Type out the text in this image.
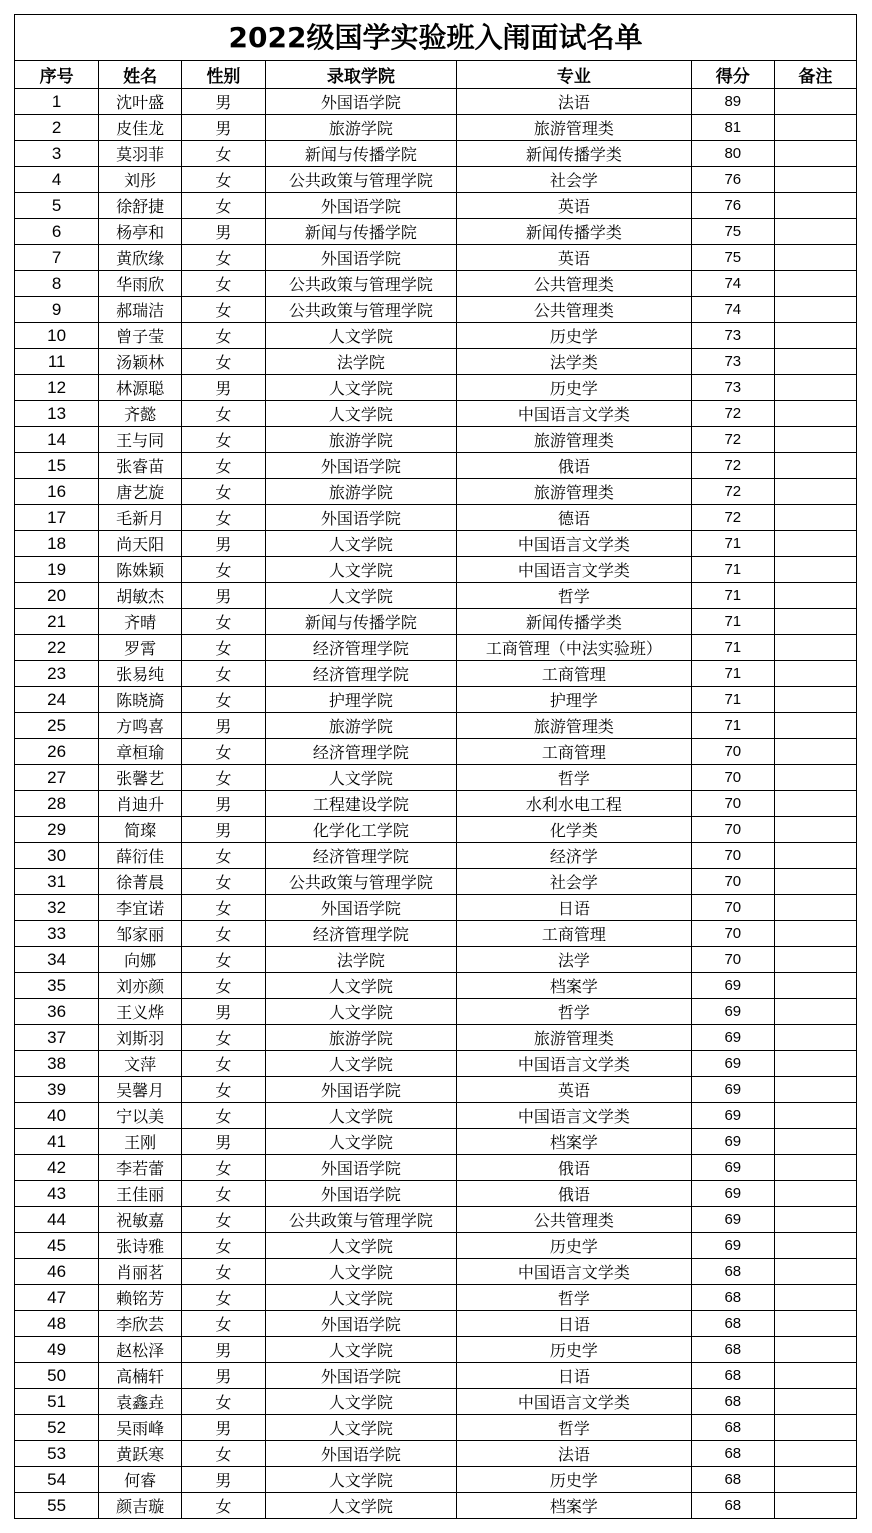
2022级国学实验班入闱面试名单
序号	姓名	性别	录取学院	专业	得分	备注
1	沈叶盛	男	外国语学院	法语	89	
2	皮佳龙	男	旅游学院	旅游管理类	81	
3	莫羽菲	女	新闻与传播学院	新闻传播学类	80	
4	刘彤	女	公共政策与管理学院	社会学	76	
5	徐舒捷	女	外国语学院	英语	76	
6	杨亭和	男	新闻与传播学院	新闻传播学类	75	
7	黄欣缘	女	外国语学院	英语	75	
8	华雨欣	女	公共政策与管理学院	公共管理类	74	
9	郝瑞洁	女	公共政策与管理学院	公共管理类	74	
10	曾子莹	女	人文学院	历史学	73	
11	汤颖林	女	法学院	法学类	73	
12	林源聪	男	人文学院	历史学	73	
13	齐懿	女	人文学院	中国语言文学类	72	
14	王与同	女	旅游学院	旅游管理类	72	
15	张睿苗	女	外国语学院	俄语	72	
16	唐艺旋	女	旅游学院	旅游管理类	72	
17	毛新月	女	外国语学院	德语	72	
18	尚天阳	男	人文学院	中国语言文学类	71	
19	陈姝颖	女	人文学院	中国语言文学类	71	
20	胡敏杰	男	人文学院	哲学	71	
21	齐晴	女	新闻与传播学院	新闻传播学类	71	
22	罗霄	女	经济管理学院	工商管理（中法实验班）	71	
23	张易纯	女	经济管理学院	工商管理	71	
24	陈晓旖	女	护理学院	护理学	71	
25	方鸣喜	男	旅游学院	旅游管理类	71	
26	章桓瑜	女	经济管理学院	工商管理	70	
27	张馨艺	女	人文学院	哲学	70	
28	肖迪升	男	工程建设学院	水利水电工程	70	
29	简璨	男	化学化工学院	化学类	70	
30	薛衍佳	女	经济管理学院	经济学	70	
31	徐菁晨	女	公共政策与管理学院	社会学	70	
32	李宜诺	女	外国语学院	日语	70	
33	邹家丽	女	经济管理学院	工商管理	70	
34	向娜	女	法学院	法学	70	
35	刘亦颜	女	人文学院	档案学	69	
36	王义烨	男	人文学院	哲学	69	
37	刘斯羽	女	旅游学院	旅游管理类	69	
38	文萍	女	人文学院	中国语言文学类	69	
39	吴馨月	女	外国语学院	英语	69	
40	宁以美	女	人文学院	中国语言文学类	69	
41	王刚	男	人文学院	档案学	69	
42	李若蕾	女	外国语学院	俄语	69	
43	王佳丽	女	外国语学院	俄语	69	
44	祝敏嘉	女	公共政策与管理学院	公共管理类	69	
45	张诗雅	女	人文学院	历史学	69	
46	肖丽茗	女	人文学院	中国语言文学类	68	
47	赖铭芳	女	人文学院	哲学	68	
48	李欣芸	女	外国语学院	日语	68	
49	赵松泽	男	人文学院	历史学	68	
50	高楠轩	男	外国语学院	日语	68	
51	袁鑫垚	女	人文学院	中国语言文学类	68	
52	吴雨峰	男	人文学院	哲学	68	
53	黄跃寒	女	外国语学院	法语	68	
54	何睿	男	人文学院	历史学	68	
55	颜吉璇	女	人文学院	档案学	68	
